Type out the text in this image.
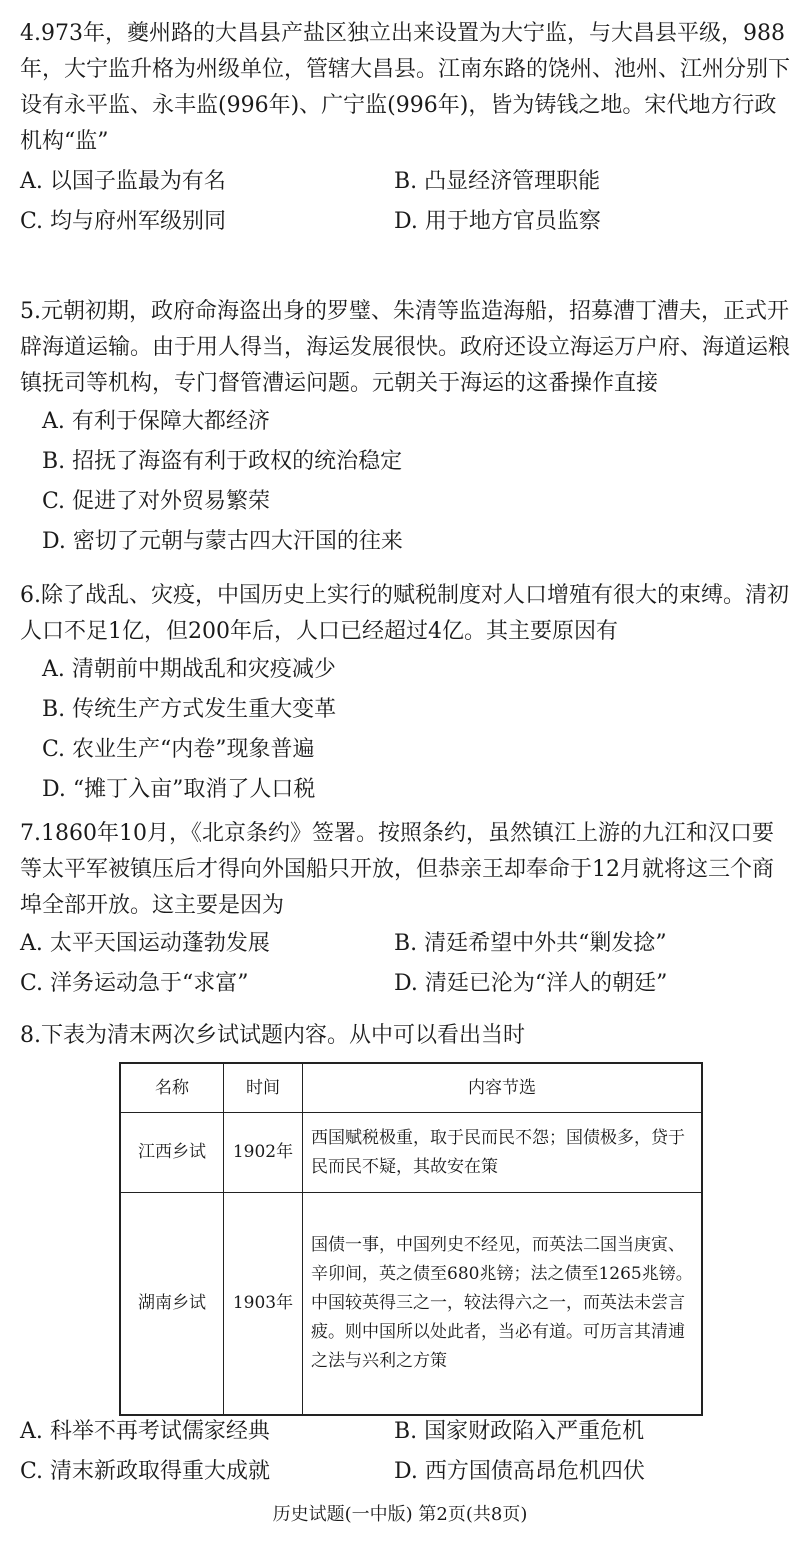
4.973年，夔州路的大昌县产盐区独立出来设置为大宁监，与大昌县平级，988年，大宁监升格为州级单位，管辖大昌县。江南东路的饶州、池州、江州分别下设有永平监、永丰监(996年)、广宁监(996年)，皆为铸钱之地。宋代地方行政机构“监”

A. 以国子监最为有名	B. 凸显经济管理职能
C. 均与府州军级别同	D. 用于地方官员监察

5.元朝初期，政府命海盗出身的罗璧、朱清等监造海船，招募漕丁漕夫，正式开辟海道运输。由于用人得当，海运发展很快。政府还设立海运万户府、海道运粮镇抚司等机构，专门督管漕运问题。元朝关于海运的这番操作直接

A. 有利于保障大都经济
B. 招抚了海盗有利于政权的统治稳定
C. 促进了对外贸易繁荣
D. 密切了元朝与蒙古四大汗国的往来

6.除了战乱、灾疫，中国历史上实行的赋税制度对人口增殖有很大的束缚。清初人口不足1亿，但200年后，人口已经超过4亿。其主要原因有

A. 清朝前中期战乱和灾疫减少
B. 传统生产方式发生重大变革
C. 农业生产“内卷”现象普遍
D. “摊丁入亩”取消了人口税

7.1860年10月，《北京条约》签署。按照条约，虽然镇江上游的九江和汉口要等太平军被镇压后才得向外国船只开放，但恭亲王却奉命于12月就将这三个商埠全部开放。这主要是因为

A. 太平天国运动蓬勃发展	B. 清廷希望中外共“剿发捻”
C. 洋务运动急于“求富”	D. 清廷已沦为“洋人的朝廷”

8.下表为清末两次乡试试题内容。从中可以看出当时

名称	时间	内容节选
江西乡试	1902年	西国赋税极重，取于民而民不怨；国债极多，贷于民而民不疑，其故安在策
湖南乡试	1903年	国债一事，中国列史不经见，而英法二国当庚寅、辛卯间，英之债至680兆镑；法之债至1265兆镑。中国较英得三之一，较法得六之一，而英法未尝言疲。则中国所以处此者，当必有道。可历言其清逋之法与兴利之方策
A. 科举不再考试儒家经典	B. 国家财政陷入严重危机
C. 清末新政取得重大成就	D. 西方国债高昂危机四伏
历史试题(一中版) 第2页(共8页)
